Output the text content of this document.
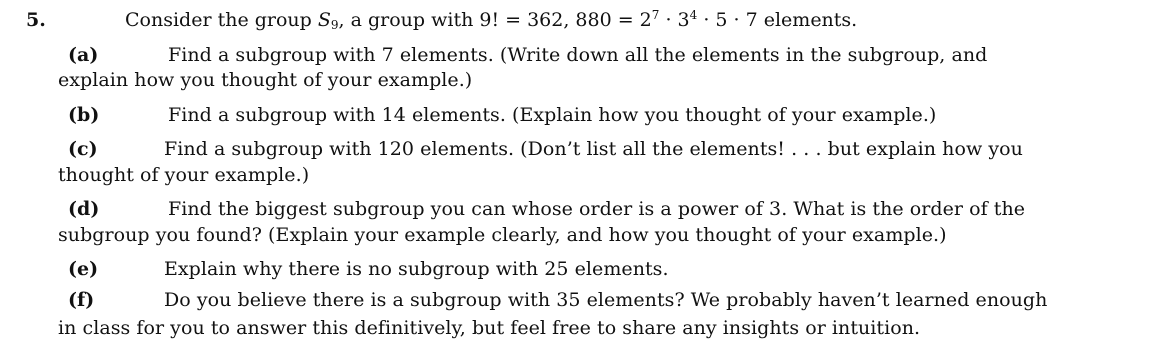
5.	Consider the group $S_9$, a group with 9! = 362, $880 = 2^7 \cdot 3^4 \cdot 5 \cdot 7$ elements.
(a)	Find a subgroup with 7 elements. (Write down all the elements in the subgroup, and
explain how you thought of your example.)
(b)	Find a subgroup with 14 elements. (Explain how you thought of your example.)
(c)	Find a subgroup with 120 elements. (Don’t list all the elements! . . . but explain how you
thought of your example.)
(d)	Find the biggest subgroup you can whose order is a power of 3. What is the order of the
subgroup you found? (Explain your example clearly, and how you thought of your example.)
(e)	Explain why there is no subgroup with 25 elements.
(f)	Do you believe there is a subgroup with 35 elements? We probably haven’t learned enough
in class for you to answer this definitively, but feel free to share any insights or intuition.
